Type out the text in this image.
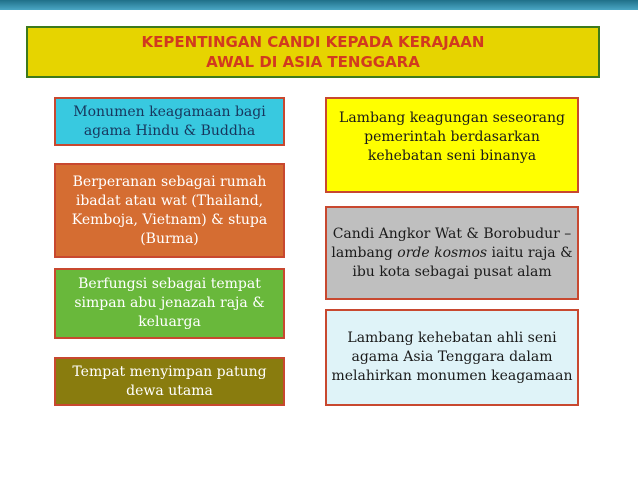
KEPENTINGAN CANDI KEPADA KERAJAAN
AWAL DI ASIA TENGGARA
Monumen keagamaan bagi agama Hindu & Buddha
Berperanan sebagai rumah ibadat atau wat (Thailand, Kemboja, Vietnam) & stupa (Burma)
Berfungsi sebagai tempat simpan abu jenazah raja & keluarga
Tempat menyimpan patung dewa utama
Lambang keagungan seseorang pemerintah berdasarkan kehebatan seni binanya
Candi Angkor Wat & Borobudur – lambang orde kosmos iaitu raja & ibu kota sebagai pusat alam
Lambang kehebatan ahli seni agama Asia Tenggara dalam melahirkan monumen keagamaan
